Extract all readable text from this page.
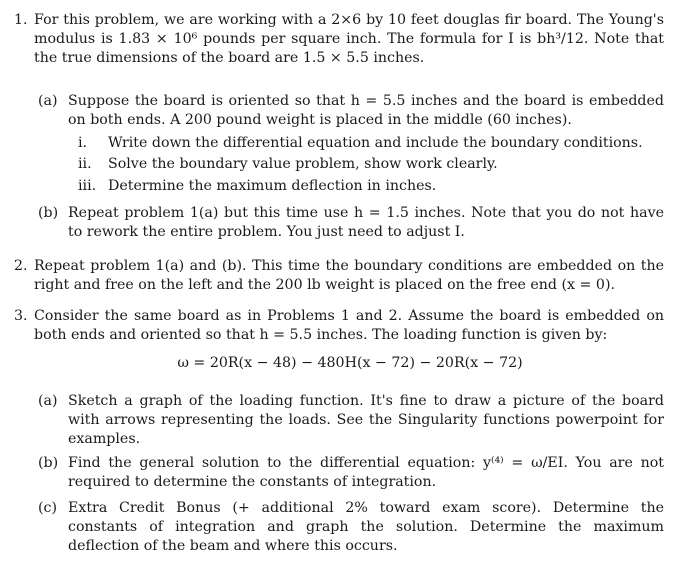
1. For this problem, we are working with a 2×6 by 10 feet douglas fir board. The Young's modulus is 1.83 × 10⁶ pounds per square inch. The formula for I is bh³/12. Note that the true dimensions of the board are 1.5 × 5.5 inches.
(a) Suppose the board is oriented so that h = 5.5 inches and the board is embedded on both ends. A 200 pound weight is placed in the middle (60 inches).
i.	Write down the differential equation and include the boundary conditions.
ii.	Solve the boundary value problem, show work clearly.
iii. Determine the maximum deflection in inches.
(b) Repeat problem 1(a) but this time use h = 1.5 inches. Note that you do not have to rework the entire problem. You just need to adjust I.
2. Repeat problem 1(a) and (b). This time the boundary conditions are embedded on the right and free on the left and the 200 lb weight is placed on the free end (x = 0).
3. Consider the same board as in Problems 1 and 2. Assume the board is embedded on both ends and oriented so that h = 5.5 inches. The loading function is given by:
ω = 20R(x − 48) − 480H(x − 72) − 20R(x − 72)
(a) Sketch a graph of the loading function. It's fine to draw a picture of the board with arrows representing the loads. See the Singularity functions powerpoint for examples.
(b) Find the general solution to the differential equation: y⁽⁴⁾ = ω/EI. You are not required to determine the constants of integration.
(c) Extra Credit Bonus (+ additional 2% toward exam score). Determine the constants of integration and graph the solution. Determine the maximum deflection of the beam and where this occurs.
